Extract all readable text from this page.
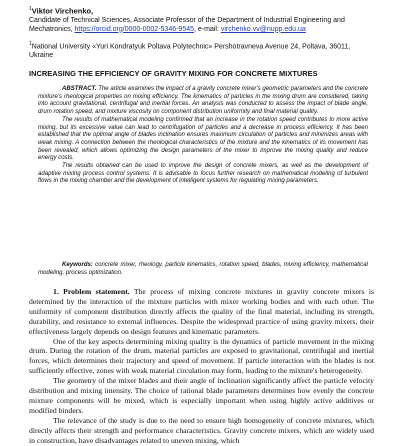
$^1$Viktor Virchenko,
Candidate of Technical Sciences, Associate Professor of the Department of Industrial Engineering and
Mechatronics, https://orcid.org/0000-0002-5346-9545, e-mail: virchenko.vv@nupp.edu.ua
$^1$National University «Yuri Kondratyuk Poltava Polytechnic» Pershotravneva Avenue 24, Poltava, 36011, Ukraine
INCREASING THE EFFICIENCY OF GRAVITY MIXING FOR CONCRETE MIXTURES

ABSTRACT. The article examines the impact of a gravity concrete mixer's geometric parameters and the concrete mixture's rheological properties on mixing efficiency. The kinematics of particles in the mixing drum are considered, taking into account gravitational, centrifugal and inertial forces. An analysis was conducted to assess the impact of blade angle, drum rotation speed, and mixture viscosity on component distribution uniformity and final material quality.

The results of mathematical modeling confirmed that an increase in the rotation speed contributes to more active mixing, but its excessive value can lead to centrifugation of particles and a decrease in process efficiency. It has been established that the optimal angle of blades inclination ensures maximum circulation of particles and minimizes areas with weak mixing. A connection between the rheological characteristics of the mixture and the kinematics of its movement has been revealed, which allows optimizing the design parameters of the mixer to improve the mixing quality and reduce energy costs.

The results obtained can be used to improve the design of concrete mixers, as well as the development of adaptive mixing process control systems. It is advisable to focus further research on mathematical modeling of turbulent flows in the mixing chamber and the development of intelligent systems for regulating mixing parameters.

Keywords: concrete mixer, rheology, particle kinematics, rotation speed, blades, mixing efficiency, mathematical modeling, process optimization.

1. Problem statement. The process of mixing concrete mixtures in gravity concrete mixers is determined by the interaction of the mixture particles with mixer working bodies and with each other. The uniformity of component distribution directly affects the quality of the final material, including its strength, durability, and resistance to external influences. Despite the widespread practice of using gravity mixers, their effectiveness largely depends on design features and kinematic parameters.

One of the key aspects determining mixing quality is the dynamics of particle movement in the mixing drum. During the rotation of the drum, material particles are exposed to gravitational, centrifugal and inertial forces, which determines their trajectory and speed of movement. If particle interaction with the blades is not sufficiently effective, zones with weak material circulation may form, leading to the mixture's heterogeneity.

The geometry of the mixer blades and their angle of inclination significantly affect the particle velocity distribution and mixing intensity. The choice of rational blade parameters determines how evenly the concrete mixture components will be mixed, which is especially important when using highly active additives or modified binders.

The relevance of the study is due to the need to ensure high homogeneity of concrete mixtures, which directly affects their strength and performance characteristics. Gravity concrete mixers, which are widely used in construction, have disadvantages related to uneven mixing, which
